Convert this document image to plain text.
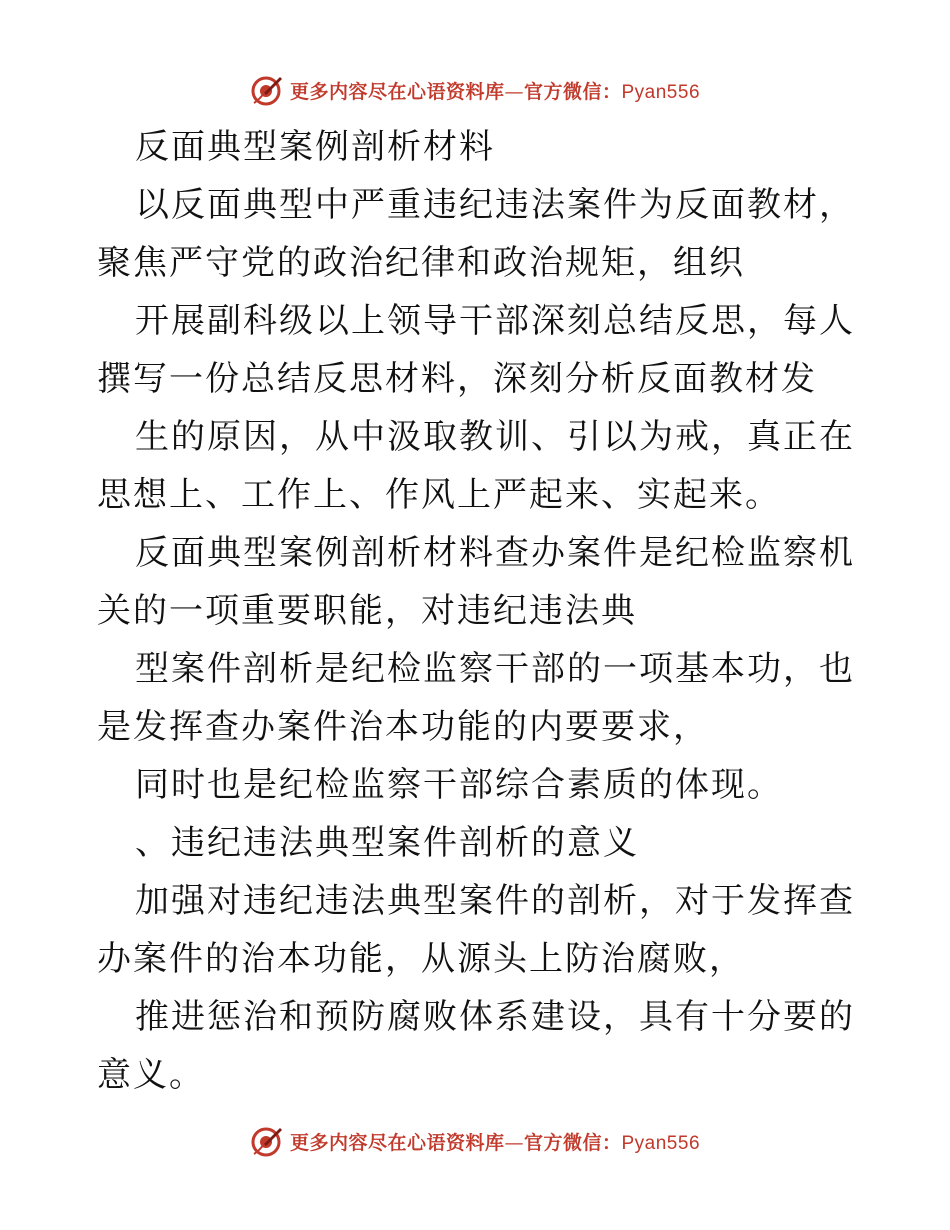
更多内容尽在心语资料库—官方微信：Pyan556

反面典型案例剖析材料

以反面典型中严重违纪违法案件为反面教材，聚焦严守党的政治纪律和政治规矩，组织

开展副科级以上领导干部深刻总结反思，每人撰写一份总结反思材料，深刻分析反面教材发

生的原因，从中汲取教训、引以为戒，真正在思想上、工作上、作风上严起来、实起来。

反面典型案例剖析材料查办案件是纪检监察机关的一项重要职能，对违纪违法典

型案件剖析是纪检监察干部的一项基本功，也是发挥查办案件治本功能的内要要求，

同时也是纪检监察干部综合素质的体现。

、违纪违法典型案件剖析的意义

加强对违纪违法典型案件的剖析，对于发挥查办案件的治本功能，从源头上防治腐败，

推进惩治和预防腐败体系建设，具有十分要的意义。

更多内容尽在心语资料库—官方微信：Pyan556
